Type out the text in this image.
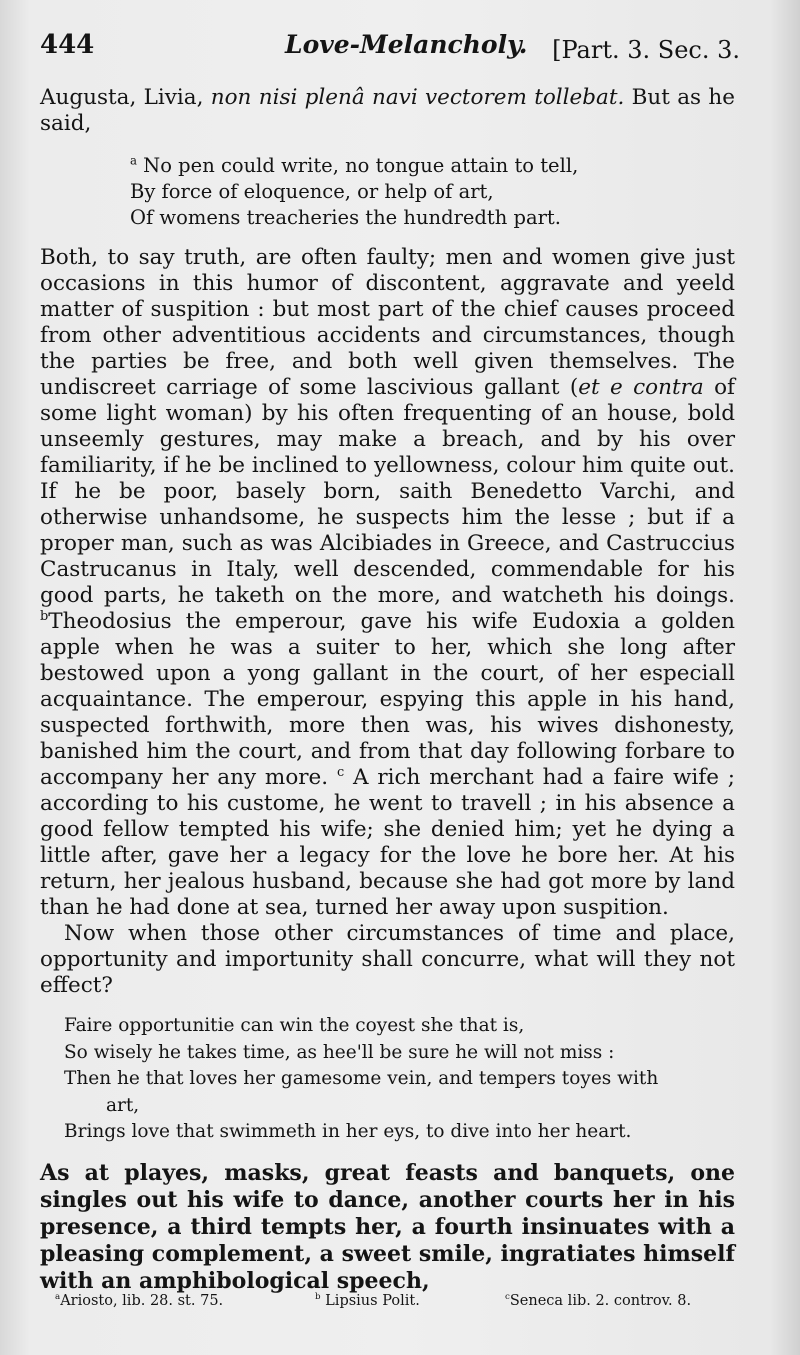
444	Love-Melancholy. [Part. 3. Sec. 3.

Augusta, Livia, non nisi plenâ navi vectorem tollebat. But as he said,

$^a$ No pen could write, no tongue attain to tell,
By force of eloquence, or help of art,
Of womens treacheries the hundredth part.

Both, to say truth, are often faulty; men and women give just occasions in this humor of discontent, aggravate and yeeld matter of suspition : but most part of the chief causes proceed from other adventitious accidents and circumstances, though the parties be free, and both well given themselves. The undiscreet carriage of some lascivious gallant (et e contra of some light woman) by his often frequenting of an house, bold unseemly gestures, may make a breach, and by his over familiarity, if he be inclined to yellowness, colour him quite out. If he be poor, basely born, saith Benedetto Varchi, and otherwise unhandsome, he suspects him the lesse ; but if a proper man, such as was Alcibiades in Greece, and Castruccius Castrucanus in Italy, well descended, commendable for his good parts, he taketh on the more, and watcheth his doings. $^b$Theodosius the emperour, gave his wife Eudoxia a golden apple when he was a suiter to her, which she long after bestowed upon a yong gallant in the court, of her especiall acquaintance. The emperour, espying this apple in his hand, suspected forthwith, more then was, his wives dishonesty, banished him the court, and from that day following forbare to accompany her any more. $^c$ A rich merchant had a faire wife ; according to his custome, he went to travell ; in his absence a good fellow tempted his wife; she denied him; yet he dying a little after, gave her a legacy for the love he bore her. At his return, her jealous husband, because she had got more by land than he had done at sea, turned her away upon suspition.

Now when those other circumstances of time and place, opportunity and importunity shall concurre, what will they not effect?

Faire opportunitie can win the coyest she that is,
So wisely he takes time, as hee'll be sure he will not miss :
Then he that loves her gamesome vein, and tempers toyes with
art,
Brings love that swimmeth in her eys, to dive into her heart.

As at playes, masks, great feasts and banquets, one singles out his wife to dance, another courts her in his presence, a third tempts her, a fourth insinuates with a pleasing complement, a sweet smile, ingratiates himself with an amphibological speech,

$^a$Ariosto, lib. 28. st. 75.	$^b$ Lipsius Polit.	$^c$Seneca lib. 2. controv. 8.
